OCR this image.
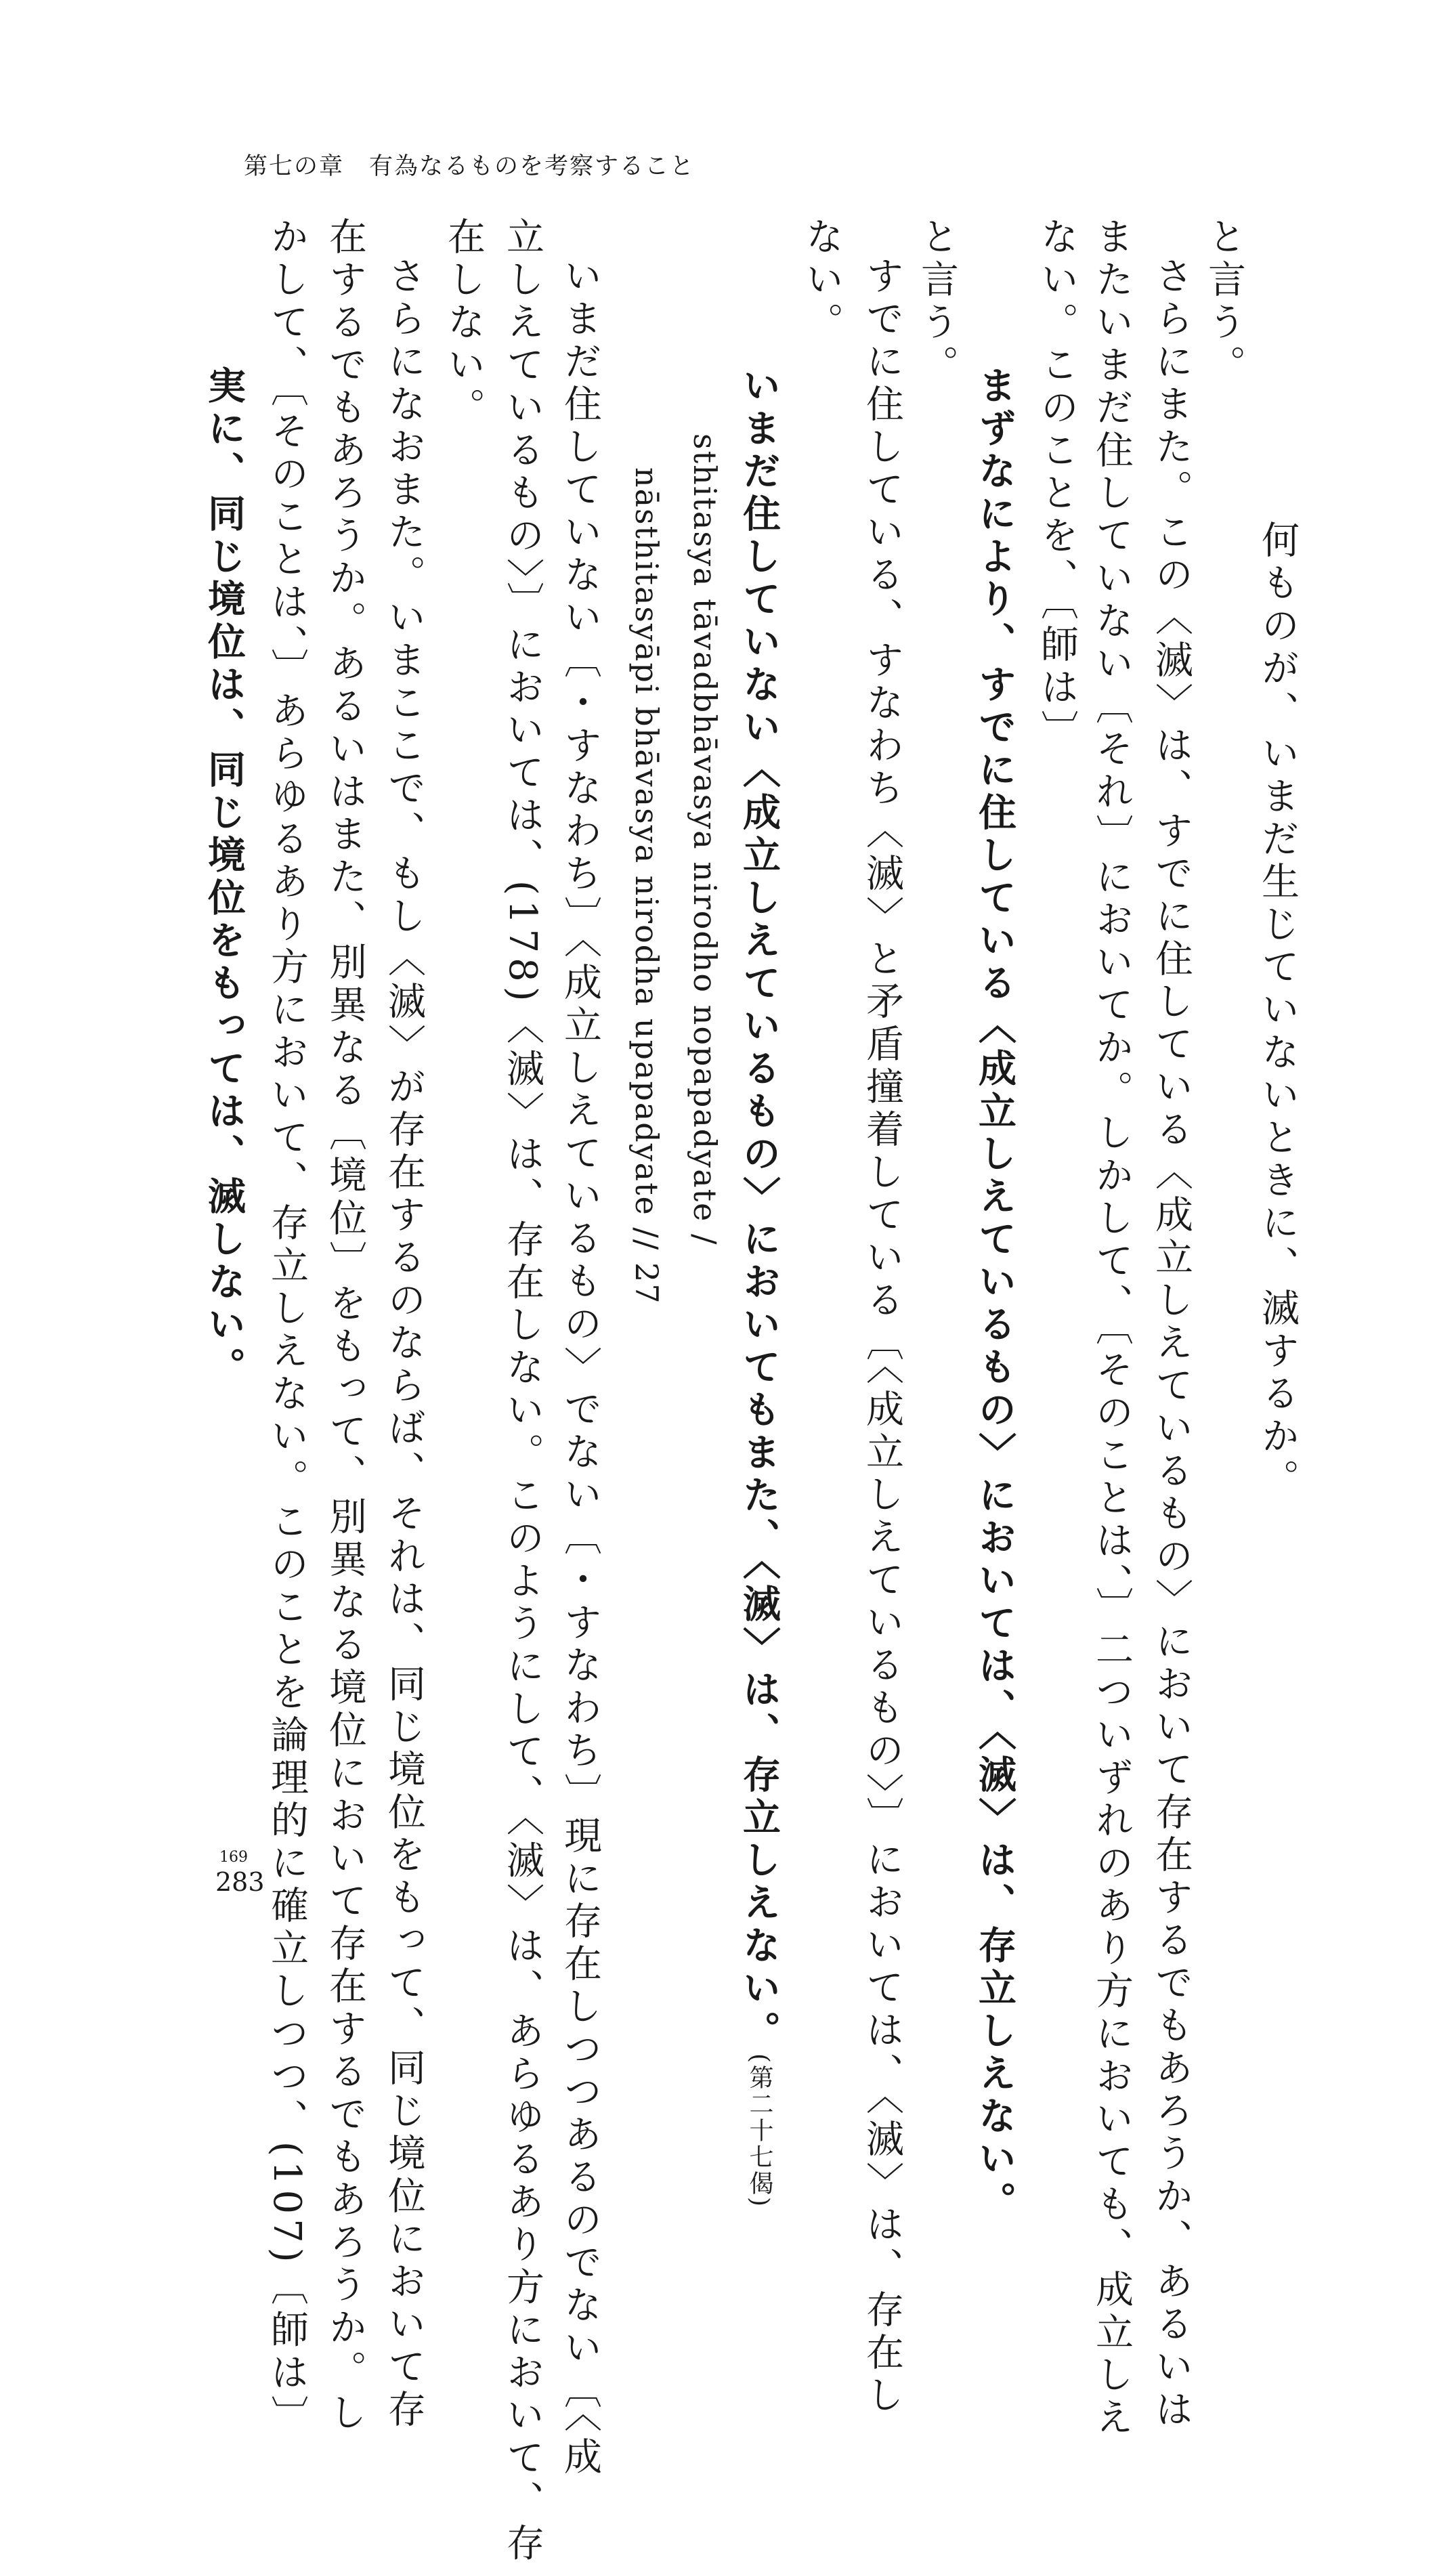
第七の章　有為なるものを考察すること
何ものが、いまだ生じていないときに、滅するか。
と言う。
さらにまた。この〈滅〉は、すでに住している〈成立しえているもの〉において存在するでもあろうか、あるいは
またいまだ住していない〔それ〕においてか。しかして、〔そのことは、〕二ついずれのあり方においても、成立しえ
ない。このことを、〔師は〕
まずなにより、すでに住している〈成立しえているもの〉においては、〈滅〉は、存立しえない。
と言う。
すでに住している、すなわち〈滅〉と矛盾撞着している〔〈成立しえているもの〉〕においては、〈滅〉は、存在し
ない。
いまだ住していない〈成立しえているもの〉においてもまた、〈滅〉は、存立しえない。(第二十七偈)
sthitasya tāvadbhāvasya nirodho nopapadyate /
nāsthitasyāpi bhāvasya nirodha upapadyate // 27
いまだ住していない〔・すなわち〕〈成立しえているもの〉でない〔・すなわち〕現に存在しつつあるのでない〔〈成
立しえているもの〉〕においては、(178)〈滅〉は、存在しない。このようにして、〈滅〉は、あらゆるあり方において、存
在しない。
さらになおまた。いまここで、もし〈滅〉が存在するのならば、それは、同じ境位をもって、同じ境位において存
在するでもあろうか。あるいはまた、別異なる〔境位〕をもって、別異なる境位において存在するでもあろうか。し
かして、〔そのことは、〕あらゆるあり方において、存立しえない。このことを論理的に確立しつつ、(107)〔師は〕
実に、同じ境位は、同じ境位をもっては、滅しない。
169
283
